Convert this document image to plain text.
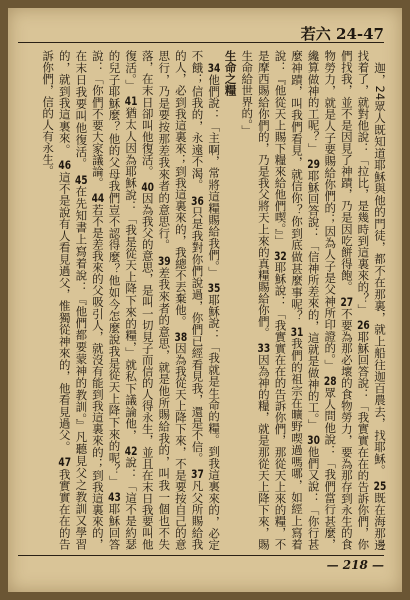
若六 24-47

迦，24眾人既知道耶穌與他的門徒，都不在那裏，就上船往迦百農去，找耶穌。 25既在海那邊找着了，就對他說：「拉比，是幾時到這裏來的？」 26耶穌回答說：「我實實在在的告訴你們，你們找我，並不是因見了神蹟，乃是因吃餅得飽。 27不要為那必壞的食物勞力，要為那存到永生的食物勞力，就是人子要賜給你們的；因為人子是父神所印證的。」 28眾人問他說：「我們當行甚麼，纔算做神的工呢？」 29耶穌回答說：「信神所差來的，這就是做神的工。」 30他們又說：「你行甚麼神蹟，叫我們看見，就信你？你到底做甚麼事呢？ 31我們的祖宗在曠野喫過嗎哪，如經上寫着說：『他從天上賜下糧來給他們喫。』」 32耶穌說：「我實實在在的告訴你們，那從天上來的糧，不是摩西賜給你們的，乃是我父將天上來的真糧賜給你們。 33因為神的糧，就是那從天上降下來，賜生命給世界的。」

生命之糧

34他們說：「主啊，常將這糧賜給我們。」 35耶穌說：「我就是生命的糧。到我這裏來的，必定不餓；信我的，永遠不渴。 36只是我對你們說過，你們已經看見我，還是不信。 37凡父所賜給我的人，必到我這裏來；到我這裏來的，我總不丟棄他。 38因為我從天上降下來，不是要按自己的意思行，乃是要按那差我來者的意思行。 39差我來者的意思，就是他所賜給我的，叫我一個也不失落，在末日卻叫他復活。 40因為我父的意思，是叫一切見子而信的人得永生，並且在末日我要叫他復活。」 41猶太人因為耶穌說：「我是從天上降下來的糧，」就私下議論他， 42說：「這不是約瑟的兒子耶穌麼？他的父母我們豈不認得麼？他如今怎麼說我是從天上降下來的呢？」 43耶穌回答說：「你們不要大家議論。 44若不是差我來的父吸引人，就沒有能到我這裏來的；到我這裏來的，在末日我要叫他復活。 45在先知書上寫着說：『他們都要蒙神的教訓。』凡聽見父之教訓又學習的，就到我這裏來。 46這不是說有人看見過父，惟獨從神來的，他看見過父。 47我實實在在的告訴你們，信的人有永生。

— 218 —
